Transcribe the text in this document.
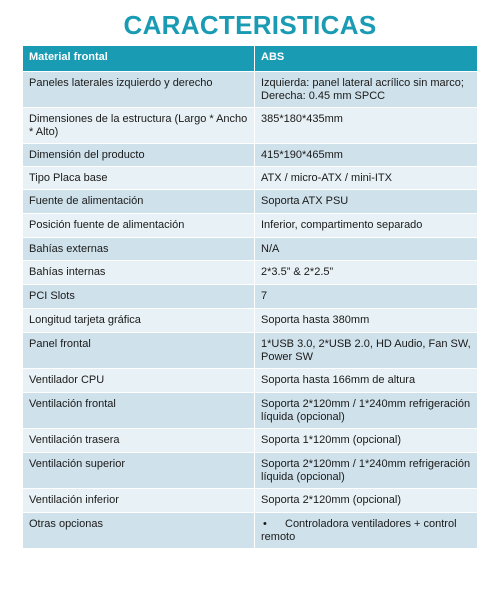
CARACTERISTICAS
Material frontal	ABS
Paneles laterales izquierdo y derecho	Izquierda: panel lateral acrílico sin marco; Derecha: 0.45 mm SPCC
Dimensiones de la estructura (Largo * Ancho * Alto)	385*180*435mm
Dimensión del producto	415*190*465mm
Tipo Placa base	ATX / micro-ATX / mini-ITX
Fuente de alimentación	Soporta ATX PSU
Posición fuente de alimentación	Inferior, compartimento separado
Bahías externas	N/A
Bahías internas	2*3.5” & 2*2.5”
PCI Slots	7
Longitud tarjeta gráfica	Soporta hasta 380mm
Panel frontal	1*USB 3.0, 2*USB 2.0, HD Audio, Fan SW, Power SW
Ventilador CPU	Soporta hasta 166mm de altura
Ventilación frontal	Soporta 2*120mm / 1*240mm refrigeración líquida (opcional)
Ventilación trasera	Soporta 1*120mm (opcional)
Ventilación superior	Soporta 2*120mm / 1*240mm refrigeración líquida (opcional)
Ventilación inferior	Soporta 2*120mm (opcional)
Otras opcionas	• Controladora ventiladores + control remoto
